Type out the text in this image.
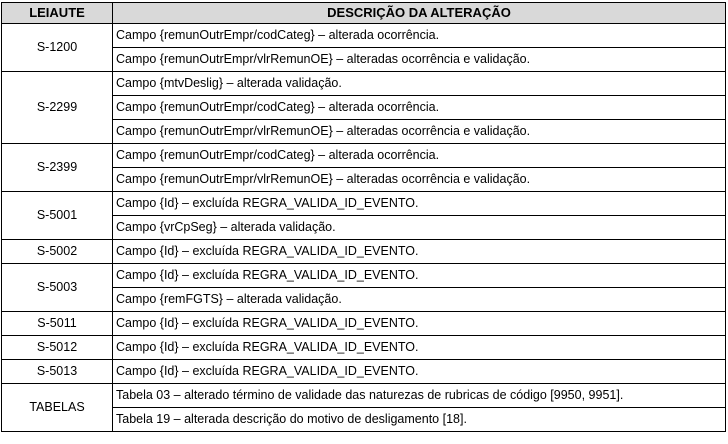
LEIAUTE	DESCRIÇÃO DA ALTERAÇÃO
S-1200	Campo {remunOutrEmpr/codCateg} – alterada ocorrência.
	Campo {remunOutrEmpr/vlrRemunOE} – alteradas ocorrência e validação.
S-2299	Campo {mtvDeslig} – alterada validação.
	Campo {remunOutrEmpr/codCateg} – alterada ocorrência.
	Campo {remunOutrEmpr/vlrRemunOE} – alteradas ocorrência e validação.
S-2399	Campo {remunOutrEmpr/codCateg} – alterada ocorrência.
	Campo {remunOutrEmpr/vlrRemunOE} – alteradas ocorrência e validação.
S-5001	Campo {Id} – excluída REGRA_VALIDA_ID_EVENTO.
	Campo {vrCpSeg} – alterada validação.
S-5002	Campo {Id} – excluída REGRA_VALIDA_ID_EVENTO.
S-5003	Campo {Id} – excluída REGRA_VALIDA_ID_EVENTO.
	Campo {remFGTS} – alterada validação.
S-5011	Campo {Id} – excluída REGRA_VALIDA_ID_EVENTO.
S-5012	Campo {Id} – excluída REGRA_VALIDA_ID_EVENTO.
S-5013	Campo {Id} – excluída REGRA_VALIDA_ID_EVENTO.
TABELAS	Tabela 03 – alterado término de validade das naturezas de rubricas de código [9950, 9951].
	Tabela 19 – alterada descrição do motivo de desligamento [18].
